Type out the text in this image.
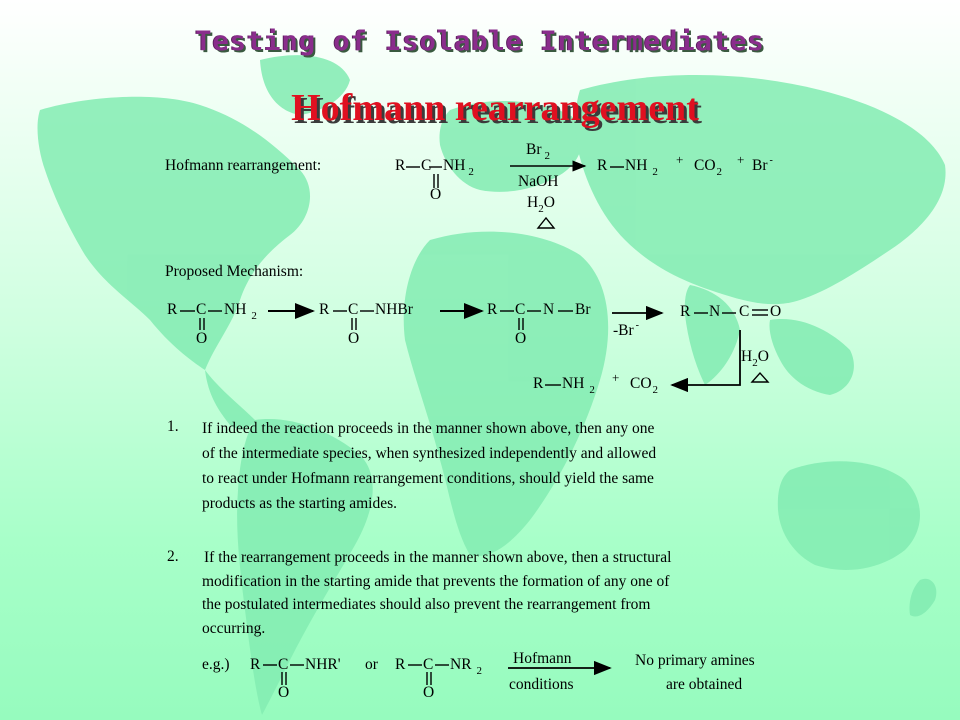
Testing of Isolable Intermediates
Hofmann rearrangement
Hofmann rearrangement:	R C NH $_2$
O
Br $_2$
NaOH
$H_2O$
R NH $_2$
+ $CO_2$
+ Br -
Proposed Mechanism:
R C NH $_2$
O
R C NHBr
O
R C N Br
O	-Br -
R N C O
$H_2O$
R NH $_2$
+ $CO_2$
1. If indeed the reaction proceeds in the manner shown above, then any one
of the intermediate species, when synthesized independently and allowed
to react under Hofmann rearrangement conditions, should yield the same
products as the starting amides.
2. If the rearrangement proceeds in the manner shown above, then a structural
modification in the starting amide that prevents the formation of any one of
the postulated intermediates should also prevent the rearrangement from
occurring.
e.g.) R C NHR'
O
or R C NR $_2$
O
Hofmann
conditions
No primary amines
are obtained
